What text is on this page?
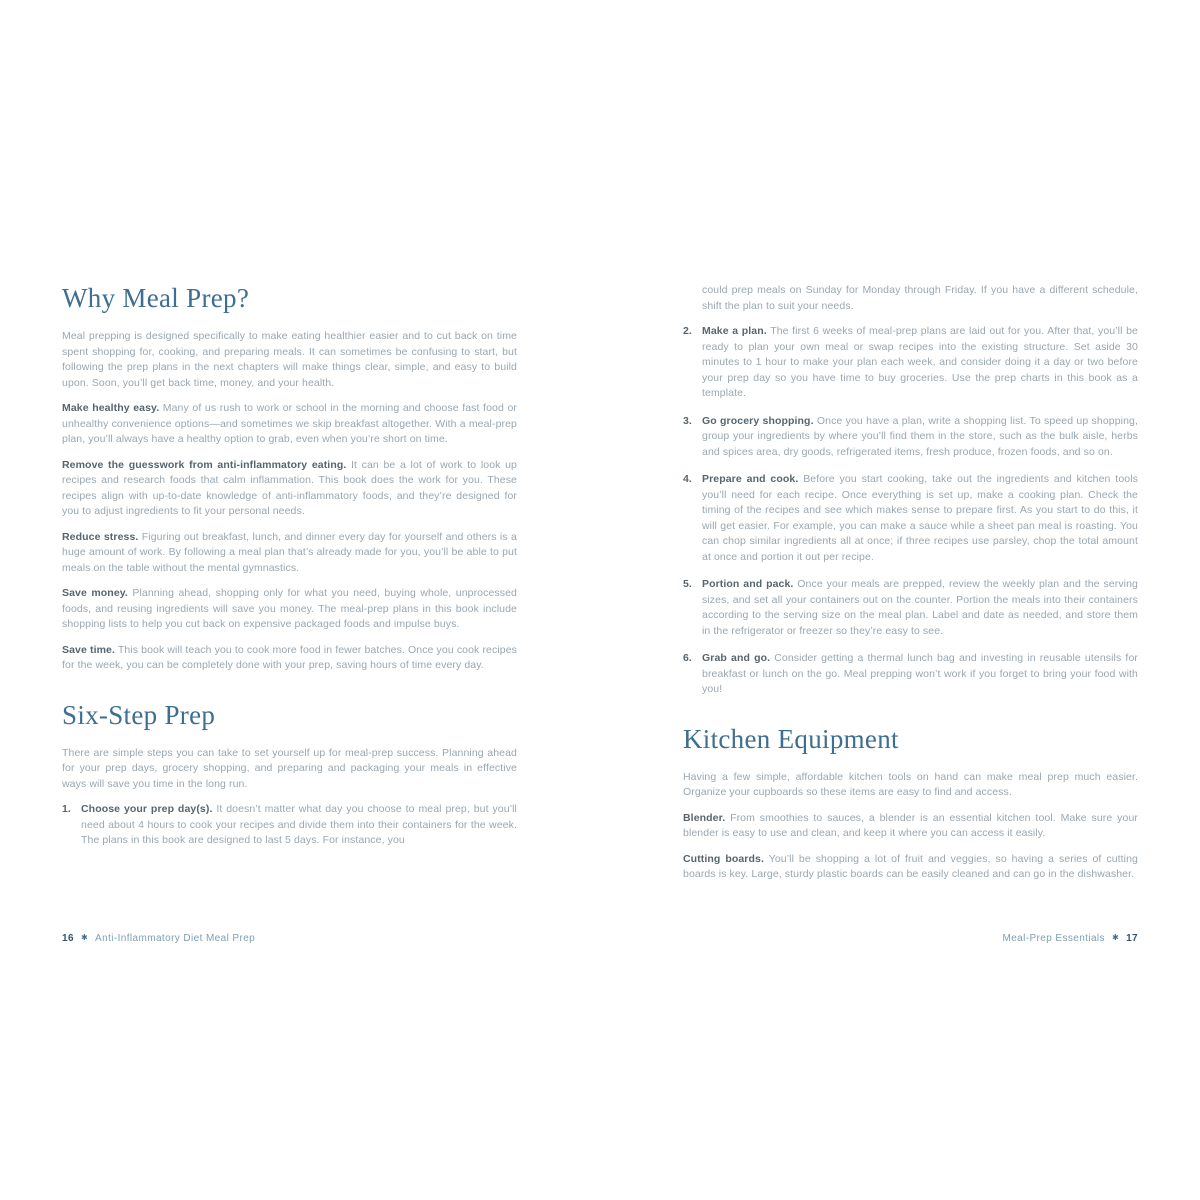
Why Meal Prep?

Meal prepping is designed specifically to make eating healthier easier and to cut back on time spent shopping for, cooking, and preparing meals. It can sometimes be confusing to start, but following the prep plans in the next chapters will make things clear, simple, and easy to build upon. Soon, you’ll get back time, money, and your health.

Make healthy easy. Many of us rush to work or school in the morning and choose fast food or unhealthy convenience options—and sometimes we skip breakfast altogether. With a meal-prep plan, you’ll always have a healthy option to grab, even when you’re short on time.

Remove the guesswork from anti-inflammatory eating. It can be a lot of work to look up recipes and research foods that calm inflammation. This book does the work for you. These recipes align with up-to-date knowledge of anti-inflammatory foods, and they’re designed for you to adjust ingredients to fit your personal needs.

Reduce stress. Figuring out breakfast, lunch, and dinner every day for yourself and others is a huge amount of work. By following a meal plan that’s already made for you, you’ll be able to put meals on the table without the mental gymnastics.

Save money. Planning ahead, shopping only for what you need, buying whole, unprocessed foods, and reusing ingredients will save you money. The meal-prep plans in this book include shopping lists to help you cut back on expensive packaged foods and impulse buys.

Save time. This book will teach you to cook more food in fewer batches. Once you cook recipes for the week, you can be completely done with your prep, saving hours of time every day.

Six-Step Prep

There are simple steps you can take to set yourself up for meal-prep success. Planning ahead for your prep days, grocery shopping, and preparing and packaging your meals in effective ways will save you time in the long run.

1. Choose your prep day(s). It doesn’t matter what day you choose to meal prep, but you’ll need about 4 hours to cook your recipes and divide them into their containers for the week. The plans in this book are designed to last 5 days. For instance, you

could prep meals on Sunday for Monday through Friday. If you have a different schedule, shift the plan to suit your needs.

2. Make a plan. The first 6 weeks of meal-prep plans are laid out for you. After that, you’ll be ready to plan your own meal or swap recipes into the existing structure. Set aside 30 minutes to 1 hour to make your plan each week, and consider doing it a day or two before your prep day so you have time to buy groceries. Use the prep charts in this book as a template.

3. Go grocery shopping. Once you have a plan, write a shopping list. To speed up shopping, group your ingredients by where you’ll find them in the store, such as the bulk aisle, herbs and spices area, dry goods, refrigerated items, fresh produce, frozen foods, and so on.

4. Prepare and cook. Before you start cooking, take out the ingredients and kitchen tools you’ll need for each recipe. Once everything is set up, make a cooking plan. Check the timing of the recipes and see which makes sense to prepare first. As you start to do this, it will get easier. For example, you can make a sauce while a sheet pan meal is roasting. You can chop similar ingredients all at once; if three recipes use parsley, chop the total amount at once and portion it out per recipe.

5. Portion and pack. Once your meals are prepped, review the weekly plan and the serving sizes, and set all your containers out on the counter. Portion the meals into their containers according to the serving size on the meal plan. Label and date as needed, and store them in the refrigerator or freezer so they’re easy to see.

6. Grab and go. Consider getting a thermal lunch bag and investing in reusable utensils for breakfast or lunch on the go. Meal prepping won’t work if you forget to bring your food with you!

Kitchen Equipment

Having a few simple, affordable kitchen tools on hand can make meal prep much easier. Organize your cupboards so these items are easy to find and access.

Blender. From smoothies to sauces, a blender is an essential kitchen tool. Make sure your blender is easy to use and clean, and keep it where you can access it easily.

Cutting boards. You’ll be shopping a lot of fruit and veggies, so having a series of cutting boards is key. Large, sturdy plastic boards can be easily cleaned and can go in the dishwasher.

16 ✱ Anti-Inflammatory Diet Meal Prep	Meal-Prep Essentials ✱ 17
